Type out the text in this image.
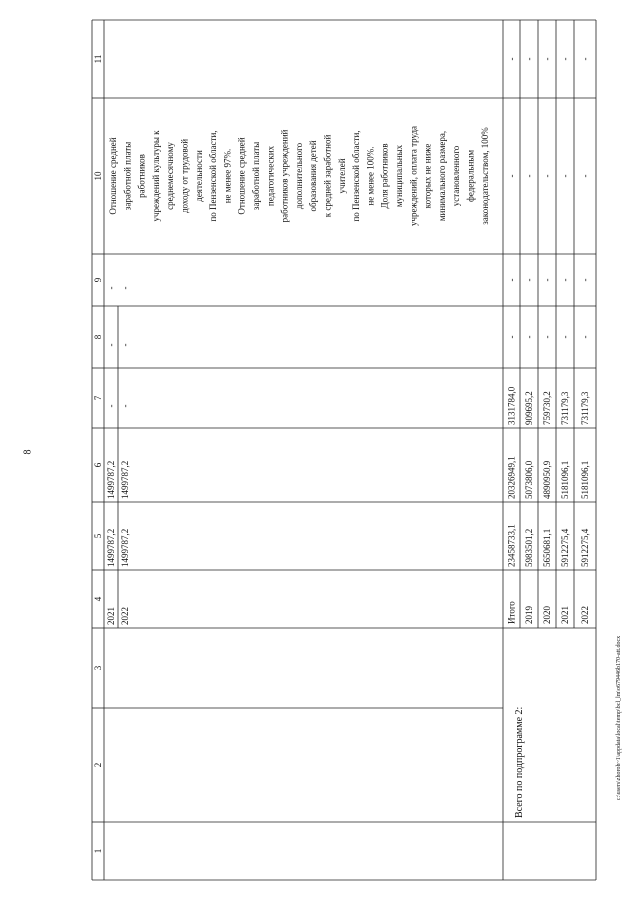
8
c:\users\zhoroh~1\appdata\local\temp\bcl_lm\o679446b170-att.docx
1
2
3
4
5
6
7
8
9
10
11
2021
1499787,2
1499787,2
-
-
-
2022
1499787,2
1499787,2
-
-
-
Отношение средней заработной платы работников учреждений культуры к среднемесячному доходу от трудовой деятельности по Пензенской области, не менее 97%. Отношение средней заработной платы педагогических работников учреждений дополнительного образования детей к средней заработной учителей по Пензенской области, не менее 100%. Доля работников муниципальных учреждений, оплата труда которых не ниже минимального размера, установленного федеральным законодательством, 100%
Всего по подпрограмме 2:
Итого
23458733,1
20326949,1
3131784,0
-
-
-
-
2019
5983501,2
5073806,0
909695,2
-
-
-
-
2020
5650681,1
4890950,9
759730,2
-
-
-
-
2021
5912275,4
5181096,1
731179,3
-
-
-
-
2022
5912275,4
5181096,1
731179,3
-
-
-
-
